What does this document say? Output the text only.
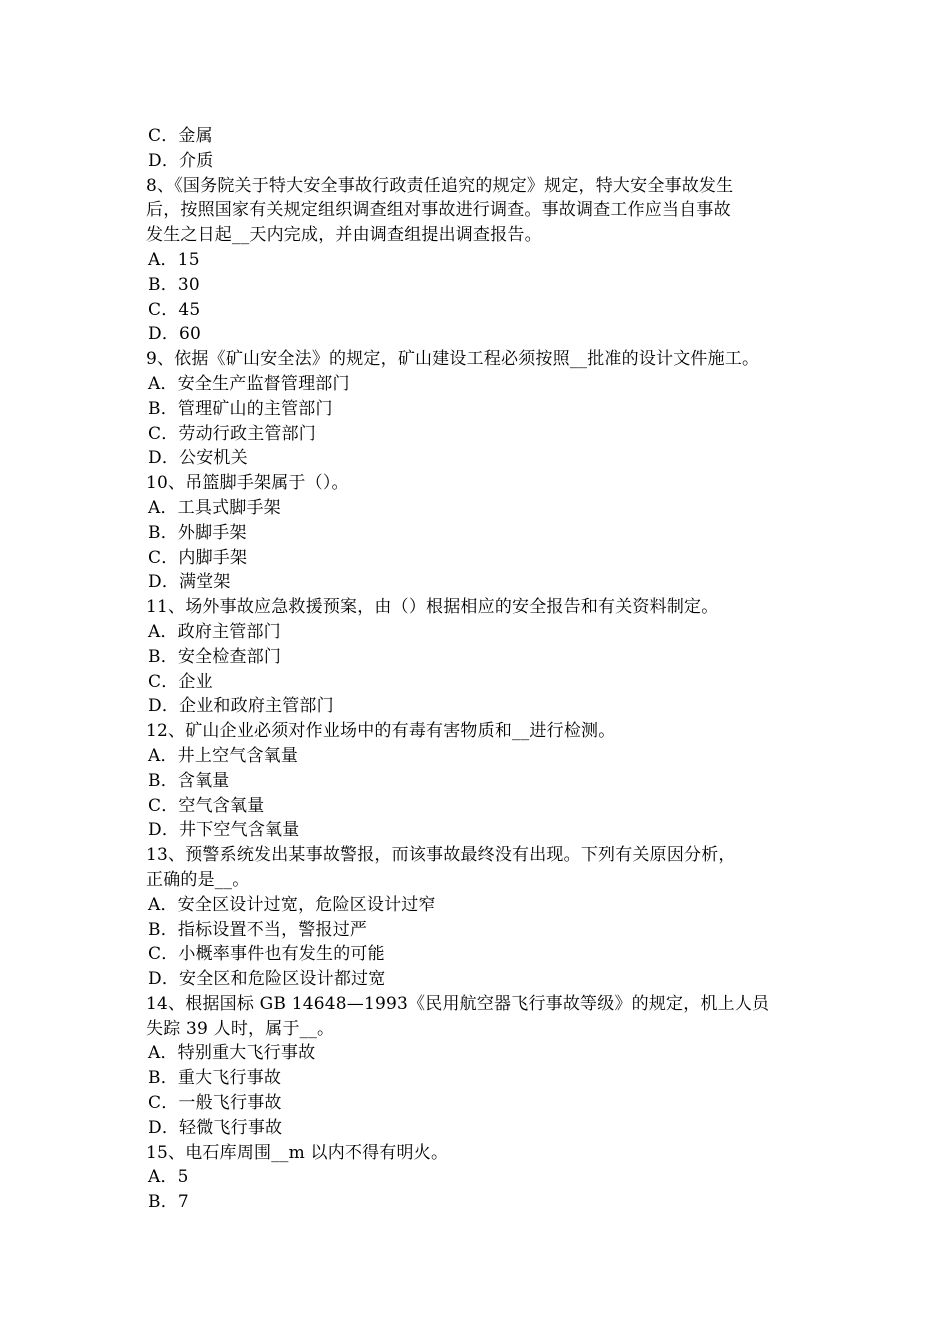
C．金属
D．介质
8、《国务院关于特大安全事故行政责任追究的规定》规定，特大安全事故发生
后，按照国家有关规定组织调查组对事故进行调查。事故调查工作应当自事故
发生之日起__天内完成，并由调查组提出调查报告。
A．15
B．30
C．45
D．60
9、依据《矿山安全法》的规定，矿山建设工程必须按照__批准的设计文件施工。
A．安全生产监督管理部门
B．管理矿山的主管部门
C．劳动行政主管部门
D．公安机关
10、吊篮脚手架属于（）。
A．工具式脚手架
B．外脚手架
C．内脚手架
D．满堂架
11、场外事故应急救援预案，由（）根据相应的安全报告和有关资料制定。
A．政府主管部门
B．安全检查部门
C．企业
D．企业和政府主管部门
12、矿山企业必须对作业场中的有毒有害物质和__进行检测。
A．井上空气含氧量
B．含氧量
C．空气含氧量
D．井下空气含氧量
13、预警系统发出某事故警报，而该事故最终没有出现。下列有关原因分析，
正确的是__。
A．安全区设计过宽，危险区设计过窄
B．指标设置不当，警报过严
C．小概率事件也有发生的可能
D．安全区和危险区设计都过宽
14、根据国标 GB 14648—1993《民用航空器飞行事故等级》的规定，机上人员
失踪 39 人时，属于__。
A．特别重大飞行事故
B．重大飞行事故
C．一般飞行事故
D．轻微飞行事故
15、电石库周围__m 以内不得有明火。
A．5
B．7
